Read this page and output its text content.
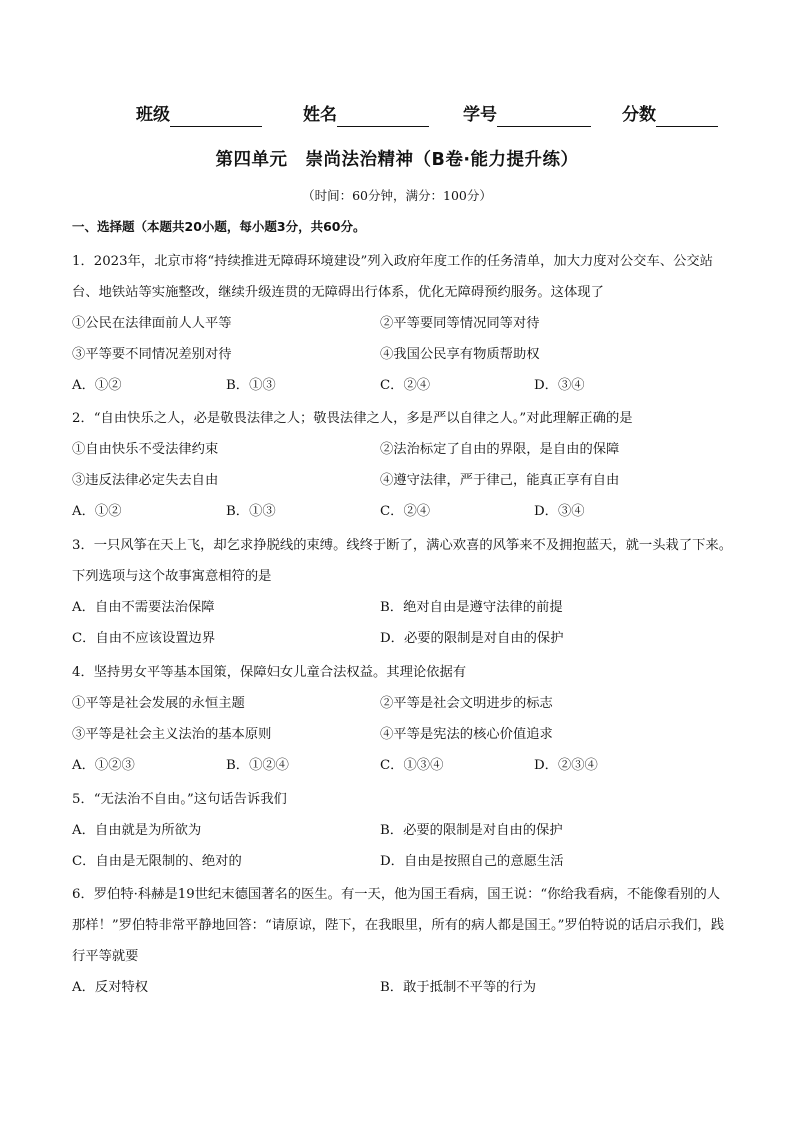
班级	姓名	学号	分数
第四单元　崇尚法治精神（B卷·能力提升练）
（时间：60分钟，满分：100分）
一、选择题（本题共20小题，每小题3分，共60分。

1．2023年，北京市将“持续推进无障碍环境建设”列入政府年度工作的任务清单，加大力度对公交车、公交站台、地铁站等实施整改，继续升级连贯的无障碍出行体系，优化无障碍预约服务。这体现了

①公民在法律面前人人平等	②平等要同等情况同等对待
③平等要不同情况差别对待	④我国公民享有物质帮助权
A．①②	B．①③	C．②④	D．③④

2．“自由快乐之人，必是敬畏法律之人；敬畏法律之人，多是严以自律之人。”对此理解正确的是

①自由快乐不受法律约束	②法治标定了自由的界限，是自由的保障
③违反法律必定失去自由	④遵守法律，严于律己，能真正享有自由
A．①②	B．①③	C．②④	D．③④

3．一只风筝在天上飞，却乞求挣脱线的束缚。线终于断了，满心欢喜的风筝来不及拥抱蓝天，就一头栽了下来。下列选项与这个故事寓意相符的是

A．自由不需要法治保障	B．绝对自由是遵守法律的前提
C．自由不应该设置边界	D．必要的限制是对自由的保护

4．坚持男女平等基本国策，保障妇女儿童合法权益。其理论依据有

①平等是社会发展的永恒主题	②平等是社会文明进步的标志
③平等是社会主义法治的基本原则	④平等是宪法的核心价值追求
A．①②③	B．①②④	C．①③④	D．②③④

5．“无法治不自由。”这句话告诉我们

A．自由就是为所欲为	B．必要的限制是对自由的保护
C．自由是无限制的、绝对的	D．自由是按照自己的意愿生活

6．罗伯特·科赫是19世纪末德国著名的医生。有一天，他为国王看病，国王说：“你给我看病，不能像看别的人那样！”罗伯特非常平静地回答：“请原谅，陛下，在我眼里，所有的病人都是国王。”罗伯特说的话启示我们，践行平等就要

A．反对特权	B．敢于抵制不平等的行为
